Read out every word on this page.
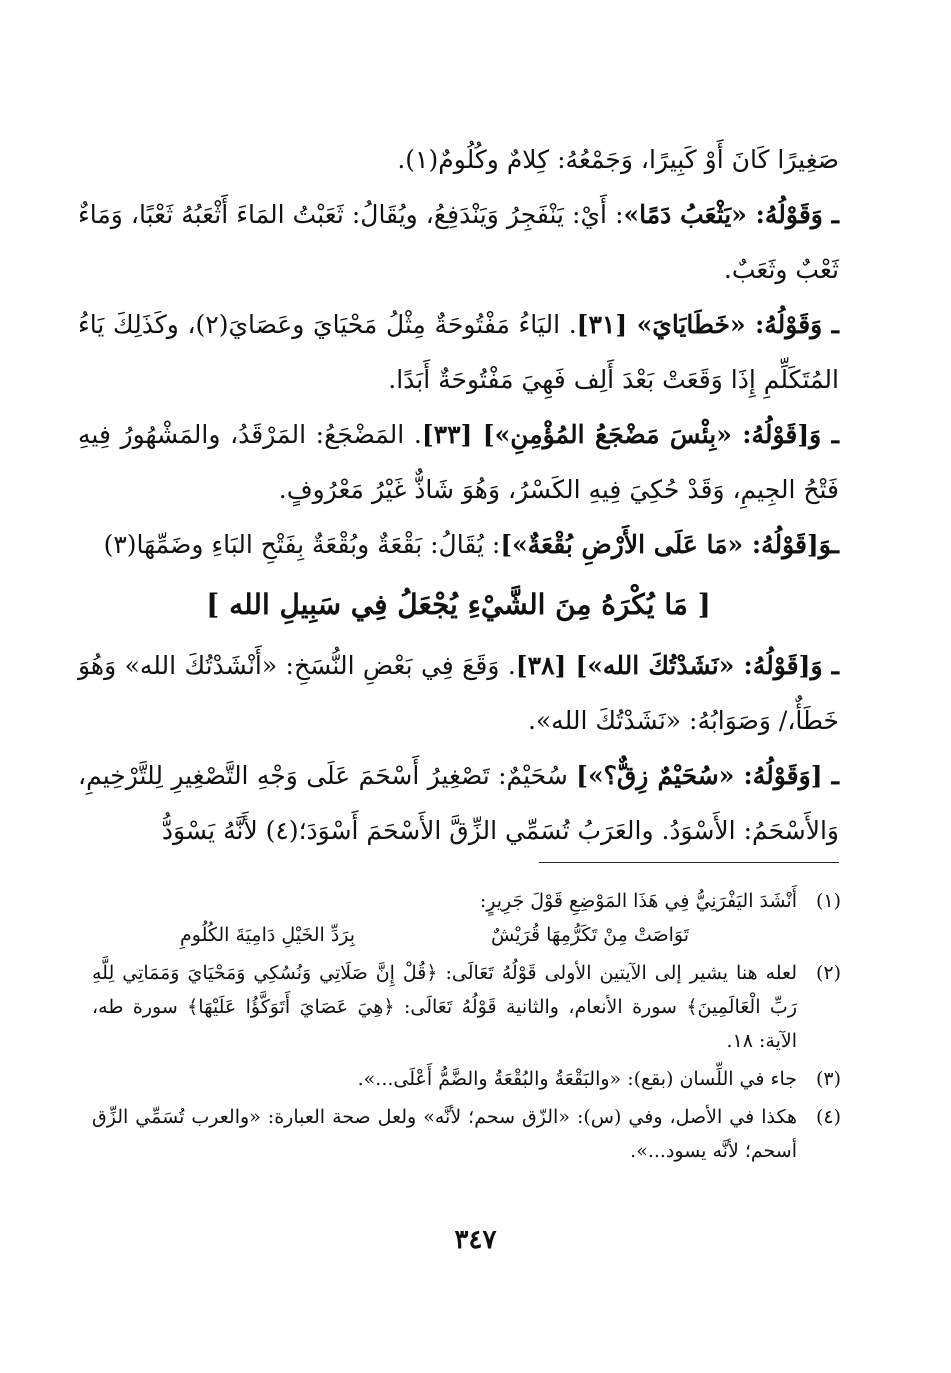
صَغِيرًا كَانَ أَوْ كَبِيرًا، وَجَمْعُهُ: كِلامٌ وكُلُومٌ(١).

ـ وَقَوْلُهُ: «يَثْعَبُ دَمًا»: أَيْ: يَنْفَجِرُ وَيَنْدَفِعُ، ويُقَالُ: ثَعَبْتُ المَاءَ أَثْعَبُهُ ثَعْبًا، وَمَاءٌ ثَعْبٌ وثَعَبٌ.

ـ وَقَوْلُهُ: «خَطَايَايَ» [٣١]. اليَاءُ مَفْتُوحَةٌ مِثْلُ مَحْيَايَ وعَصَايَ(٢)، وكَذَلِكَ يَاءُ المُتَكَلِّمِ إِذَا وَقَعَتْ بَعْدَ أَلِف فَهِيَ مَفْتُوحَةٌ أَبَدًا.

ـ وَ[قَوْلُهُ: «بِئْسَ مَضْجَعُ المُؤْمِنِ»] [٣٣]. المَضْجَعُ: المَرْقَدُ، والمَشْهُورُ فِيهِ فَتْحُ الجِيمِ، وَقَدْ حُكِيَ فِيهِ الكَسْرُ، وَهُوَ شَاذٌّ غَيْرُ مَعْرُوفٍ.

ـوَ[قَوْلُهُ: «مَا عَلَى الأَرْضِ بُقْعَةٌ»]: يُقَالُ: بَقْعَةٌ وبُقْعَةٌ بِفَتْحِ البَاءِ وضَمِّهَا(٣)

[ مَا يُكْرَهُ مِنَ الشَّيْءِ يُجْعَلُ فِي سَبِيلِ الله ]

ـ وَ[قَوْلُهُ: «نَشَدْتُكَ الله»] [٣٨]. وَقَعَ فِي بَعْضِ النُّسَخِ: «أَنْشَدْتُكَ الله» وَهُوَ خَطَأٌ،/ وَصَوَابُهُ: «نَشَدْتُكَ الله».

ـ [وَقَوْلُهُ: «سُحَيْمٌ زِقٌّ؟»] سُحَيْمٌ: تَصْغِيرُ أَسْحَمَ عَلَى وَجْهِ التَّصْغِيرِ لِلتَّرْخِيمِ، وَالأَسْحَمُ: الأَسْوَدُ. والعَرَبُ تُسَمِّي الزِّقَّ الأَسْحَمَ أَسْوَدَ؛(٤) لأَنَّهُ يَسْوَدُّ

(١)
أَنْشَدَ اليَفْرَنِيُّ فِي هَذَا المَوْضِعِ قَوْلَ جَرِيرٍ:
تَوَاصَتْ مِنْ تَكَرُّمِهَا قُرَيْشٌ
بِرَدِّ الخَيْلِ دَامِيَةَ الكُلُومِ
(٢)
لعله هنا يشير إلى الآيتين الأولى قَوْلُهُ تَعَالَى: ﴿قُلْ إِنَّ صَلَاتِي وَنُسُكِي وَمَحْيَايَ وَمَمَاتِي لِلَّهِ رَبِّ الْعَالَمِينَ﴾ سورة الأنعام، والثانية قَوْلُهُ تَعَالَى: ﴿هِيَ عَصَايَ أَتَوَكَّؤُا عَلَيْهَا﴾ سورة طه، الآية: ١٨.
(٣)
جاء في اللِّسان (بقع): «والبَقْعَةُ والبُقْعَةُ والضَّمُّ أَعْلَى...».
(٤)
هكذا في الأصل، وفي (س): «الزّق سحم؛ لأنَّه» ولعل صحة العبارة: «والعرب تُسَمِّي الزِّق أسحم؛ لأنَّه يسود...».
٣٤٧
